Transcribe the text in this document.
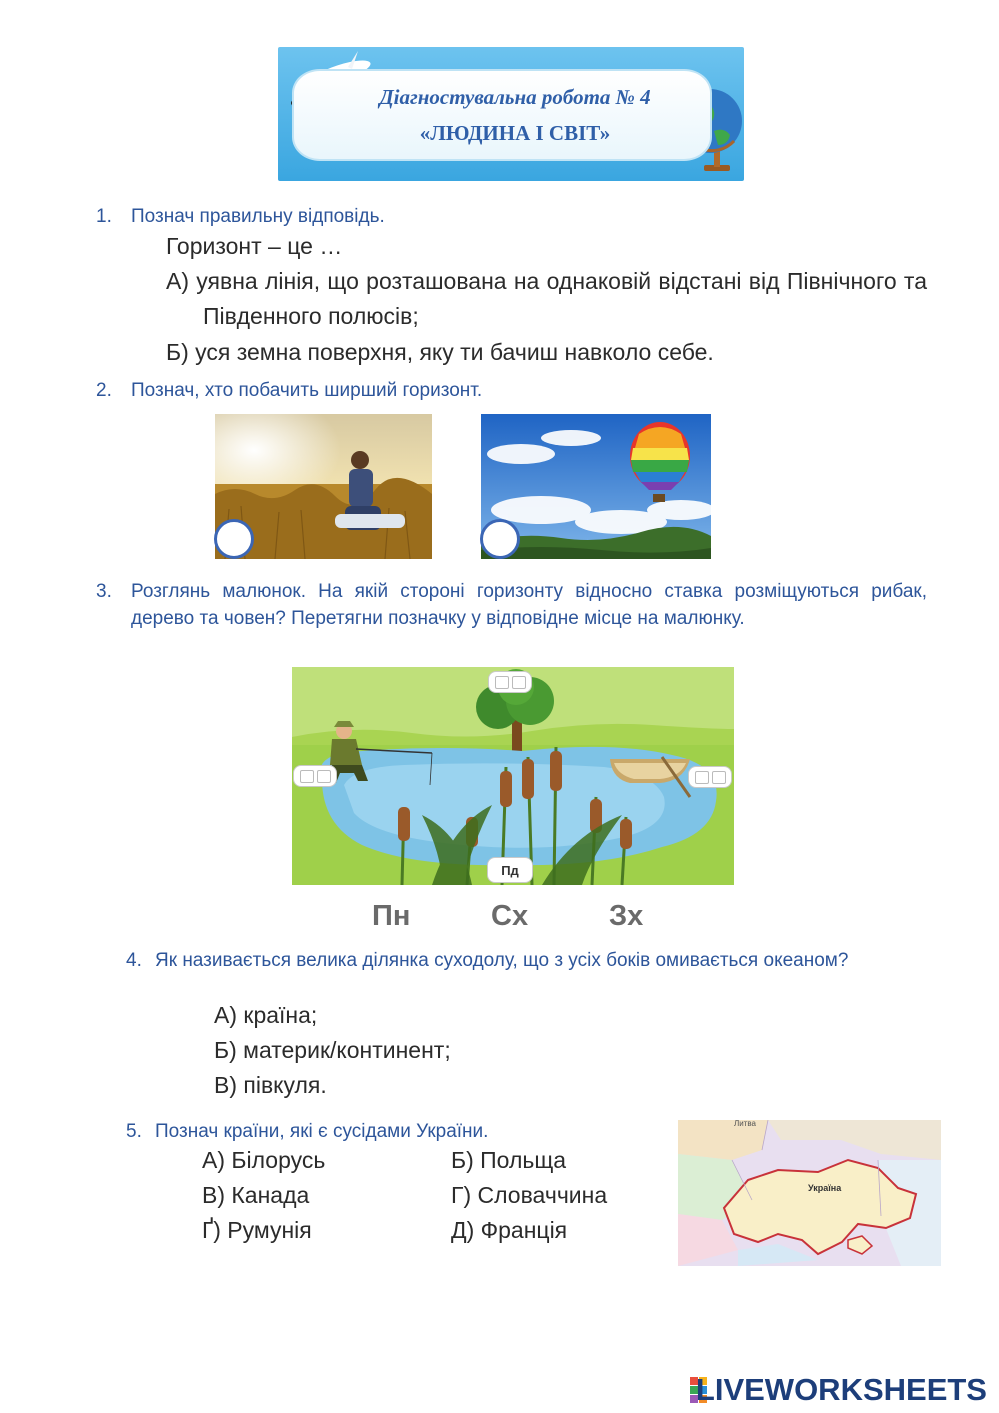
Діагностувальна робота № 4
«ЛЮДИНА І СВІТ»
1. Познач правильну відповідь.
Горизонт – це …
А) уявна лінія, що розташована на однаковій відстані від Північного та Південного полюсів;
Б) уся земна поверхня, яку ти бачиш навколо себе.
2. Познач, хто побачить ширший горизонт.
3. Розглянь малюнок. На якій стороні горизонту відносно ставка розміщуються рибак, дерево та човен? Перетягни позначку у відповідне місце на малюнку.
Пд
Пн	Сх	Зх
4. Як називається велика ділянка суходолу, що з усіх боків омивається океаном?
А) країна;
Б) материк/континент;
В) півкуля.
5. Познач країни, які є сусідами України.
А) Білорусь	Б) Польща
В) Канада	Г) Словаччина
Ґ) Румунія	Д) Франція
Україна
Литва
LIVEWORKSHEETS
